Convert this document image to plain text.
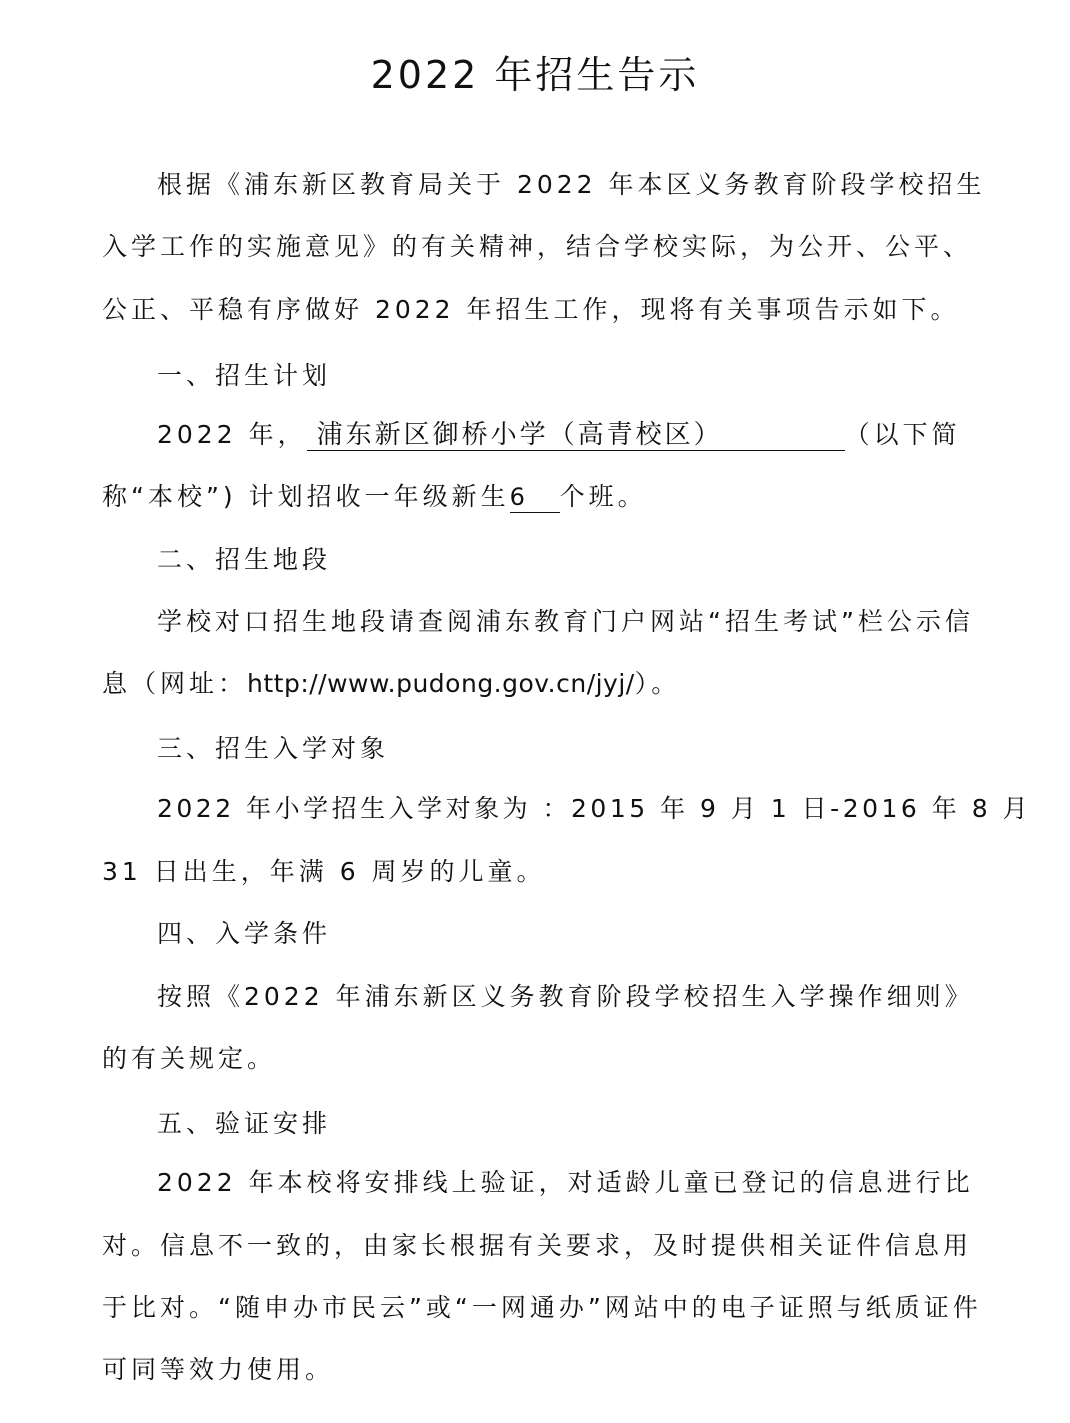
2022 年招生告示
根据《浦东新区教育局关于 2022 年本区义务教育阶段学校招生
入学工作的实施意见》的有关精神，结合学校实际，为公开、公平、
公正、平稳有序做好 2022 年招生工作，现将有关事项告示如下。
一、招生计划
2022 年， 浦东新区御桥小学（高青校区）	（以下简
称“本校”) 计划招收一年级新生6 个班。
二、招生地段
学校对口招生地段请查阅浦东教育门户网站“招生考试”栏公示信
息（网址：http://www.pudong.gov.cn/jyj/）。
三、招生入学对象
2022 年小学招生入学对象为 ：2015 年 9 月 1 日-2016 年 8 月
31 日出生，年满 6 周岁的儿童。
四、入学条件
按照《2022 年浦东新区义务教育阶段学校招生入学操作细则》
的有关规定。
五、验证安排
2022 年本校将安排线上验证，对适龄儿童已登记的信息进行比
对。信息不一致的，由家长根据有关要求，及时提供相关证件信息用
于比对。“随申办市民云”或“一网通办”网站中的电子证照与纸质证件
可同等效力使用。
